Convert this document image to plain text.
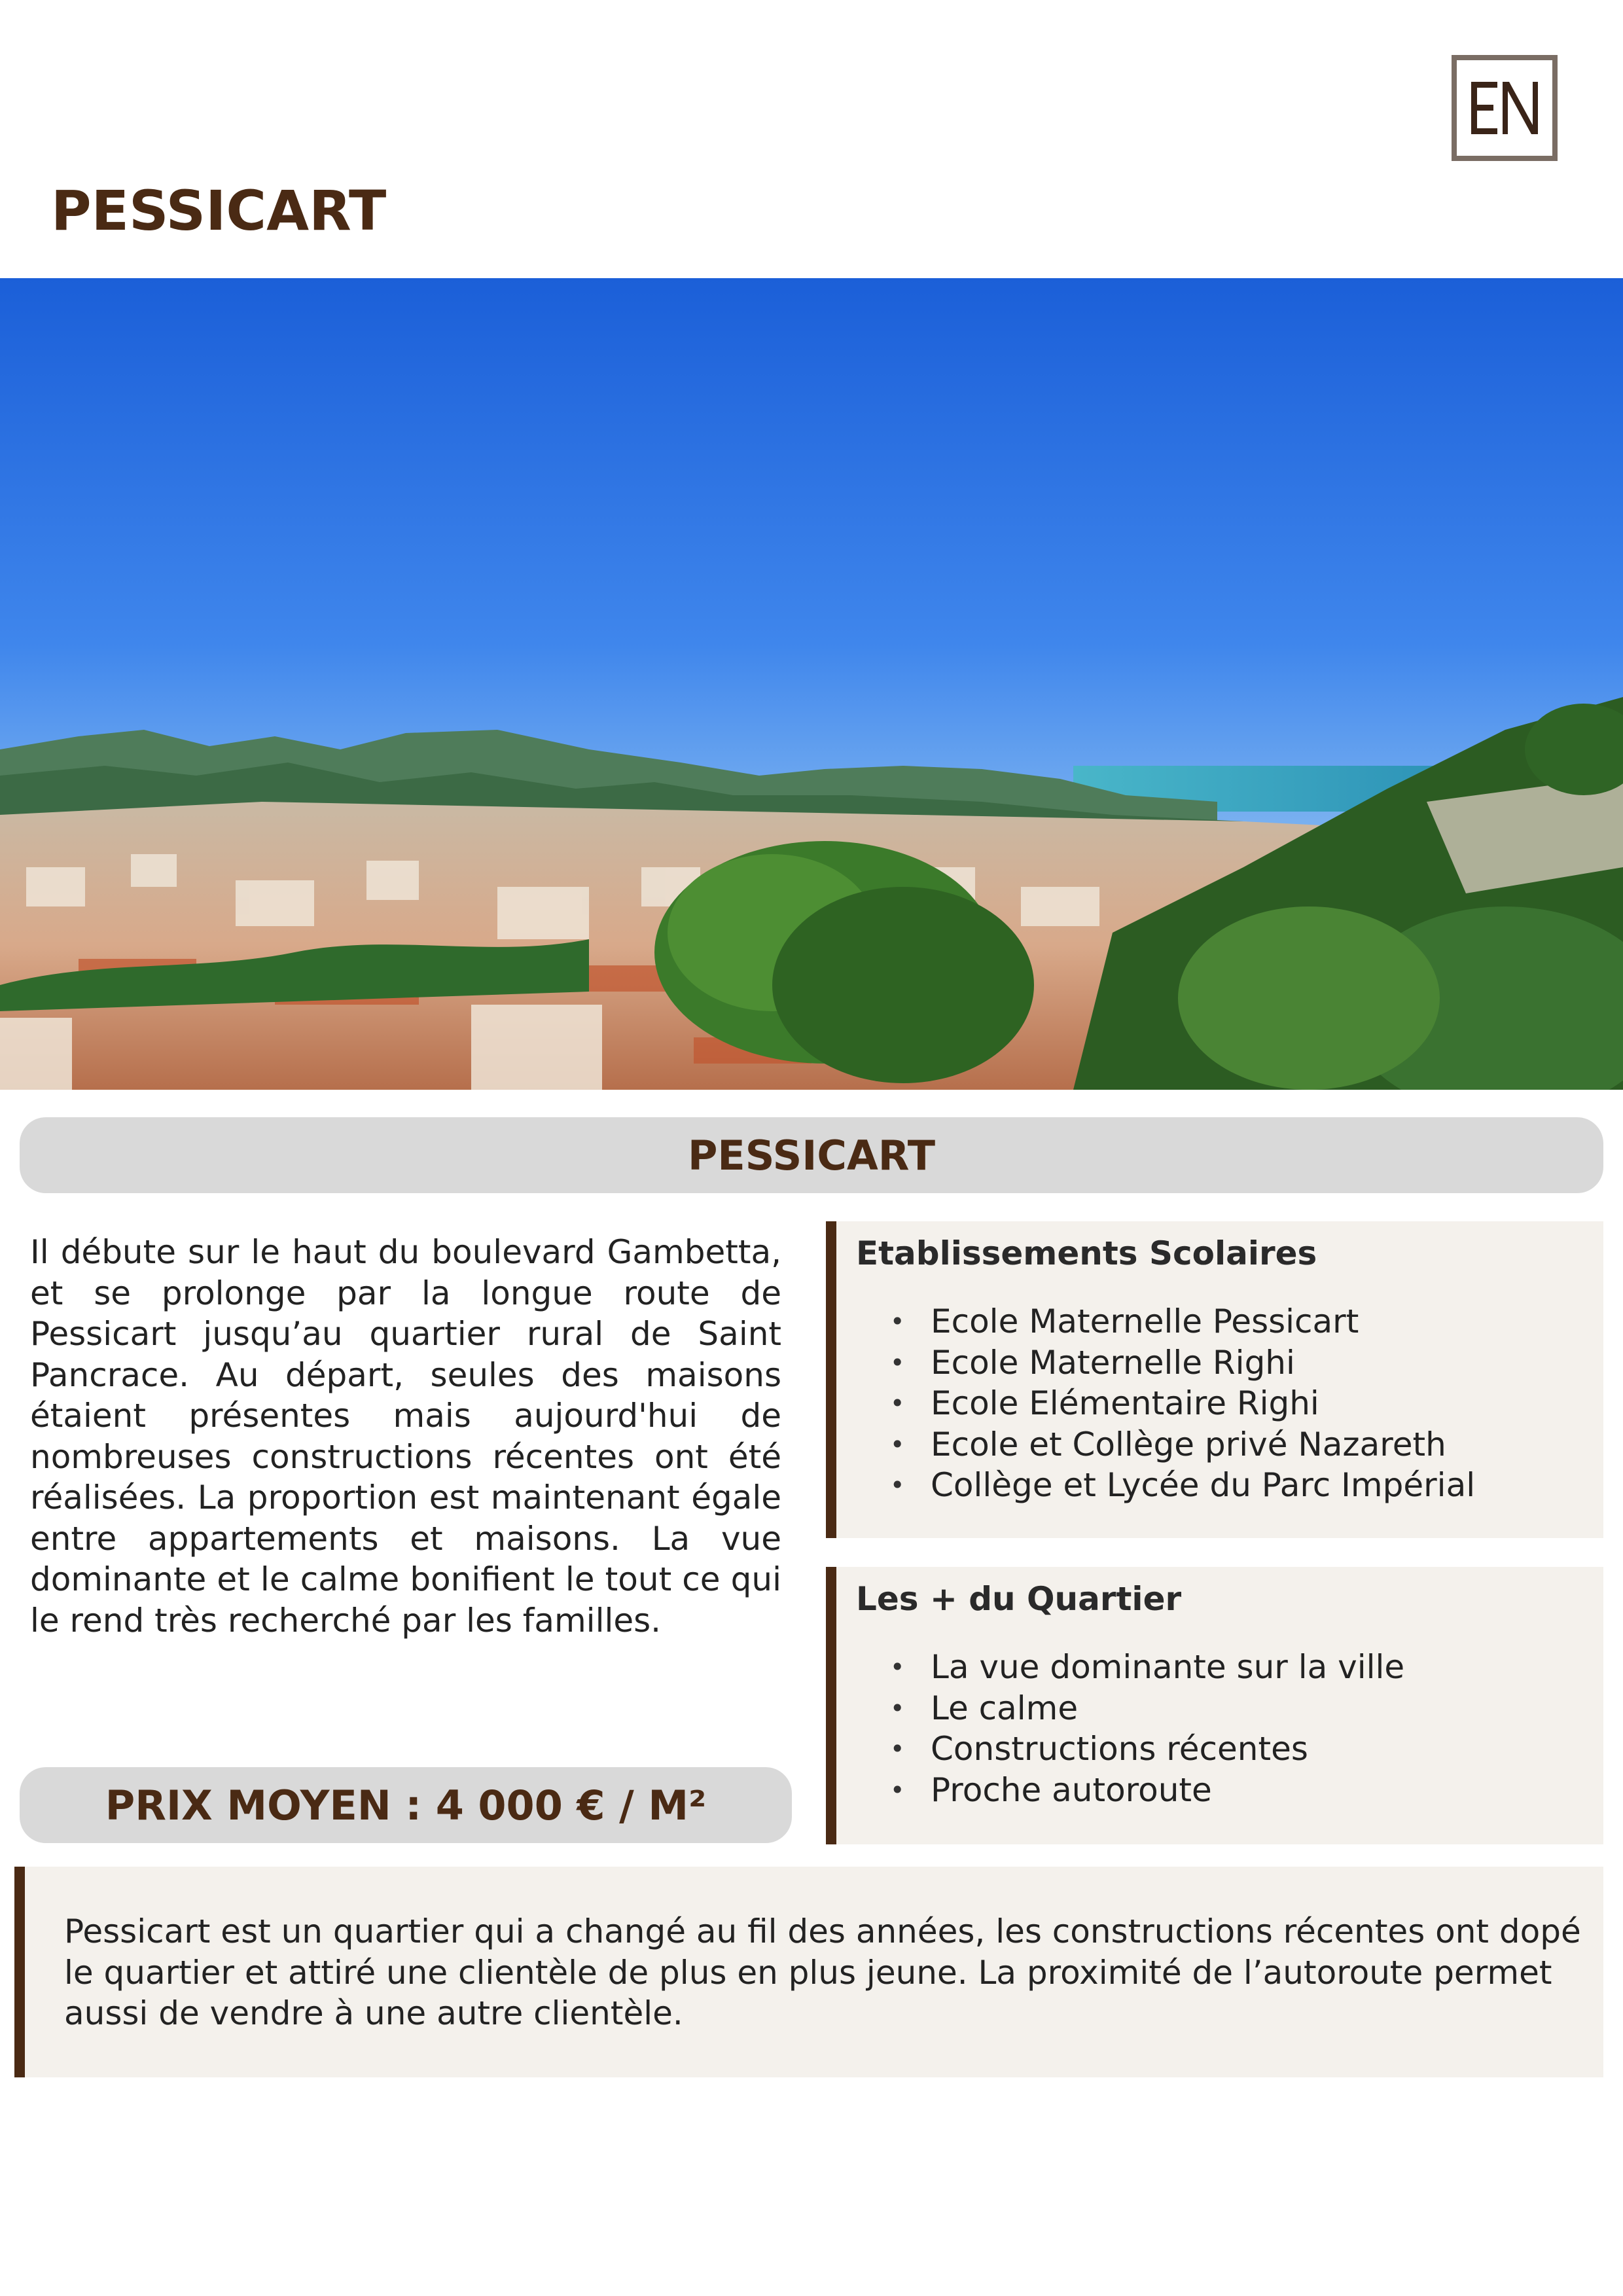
PESSICART
PESSICART

Il débute sur le haut du boulevard Gambetta, et se prolonge par la longue route de Pessicart jusqu’au quartier rural de Saint Pancrace. Au départ, seules des maisons étaient présentes mais aujourd'hui de nombreuses constructions récentes ont été réalisées. La proportion est maintenant égale entre appartements et maisons. La vue dominante et le calme bonifient le tout ce qui le rend très recherché par les familles.

PRIX MOYEN : 4 000 € / M²
Etablissements Scolaires
• Ecole Maternelle Pessicart
• Ecole Maternelle Righi
• Ecole Elémentaire Righi
• Ecole et Collège privé Nazareth
• Collège et Lycée du Parc Impérial
Les + du Quartier
• La vue dominante sur la ville
• Le calme
• Constructions récentes
• Proche autoroute

Pessicart est un quartier qui a changé au fil des années, les constructions récentes ont dopé le quartier et attiré une clientèle de plus en plus jeune. La proximité de l’autoroute permet aussi de vendre à une autre clientèle.
